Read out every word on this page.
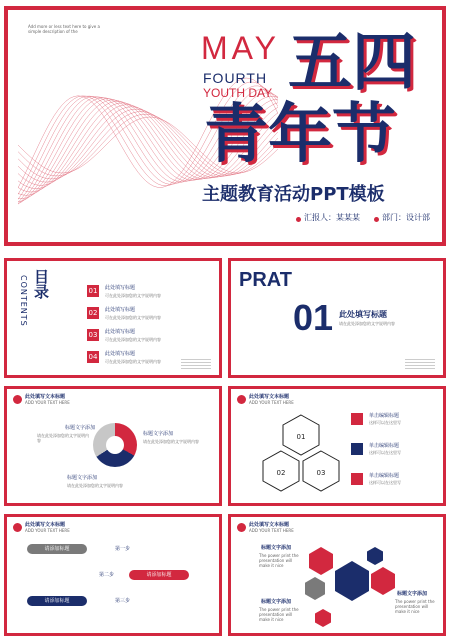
Add more or less text here to give a simple description of the	MAY
FOURTH
YOUTH DAY 五四
青年节
主题教育活动PPT模板
汇报人：某某某	部门：设计部
目录
CONTENTS	01	此处填写标题
可在此处添加您的文字说明内容
02	此处填写标题
可在此处添加您的文字说明内容
03	此处填写标题
可在此处添加您的文字说明内容
04	此处填写标题
可在此处添加您的文字说明内容
PRAT
01 此处填写标题
请在此处添加您的文字说明内容
此处填写文本标题
ADD YOUR TEXT HERE
标题文字添加
请在此处添加您的文字说明内容
标题文字添加
请在此处添加您的文字说明内容
标题文字添加
请在此处添加您的文字说明内容
此处填写文本标题
ADD YOUR TEXT HERE
01
02	03
单击编辑标题
这样可以在这里写
单击编辑标题
这样可以在这里写
单击编辑标题
这样可以在这里写
此处填写文本标题
ADD YOUR TEXT HERE
请添加标题	第一步
请添加标题
第二步
请添加标题	第三步
此处填写文本标题
ADD YOUR TEXT HERE
标题文字添加
The power print the presentation will make it nice
标题文字添加
The power print the presentation will make it nice
标题文字添加
The power print the presentation will make it nice
